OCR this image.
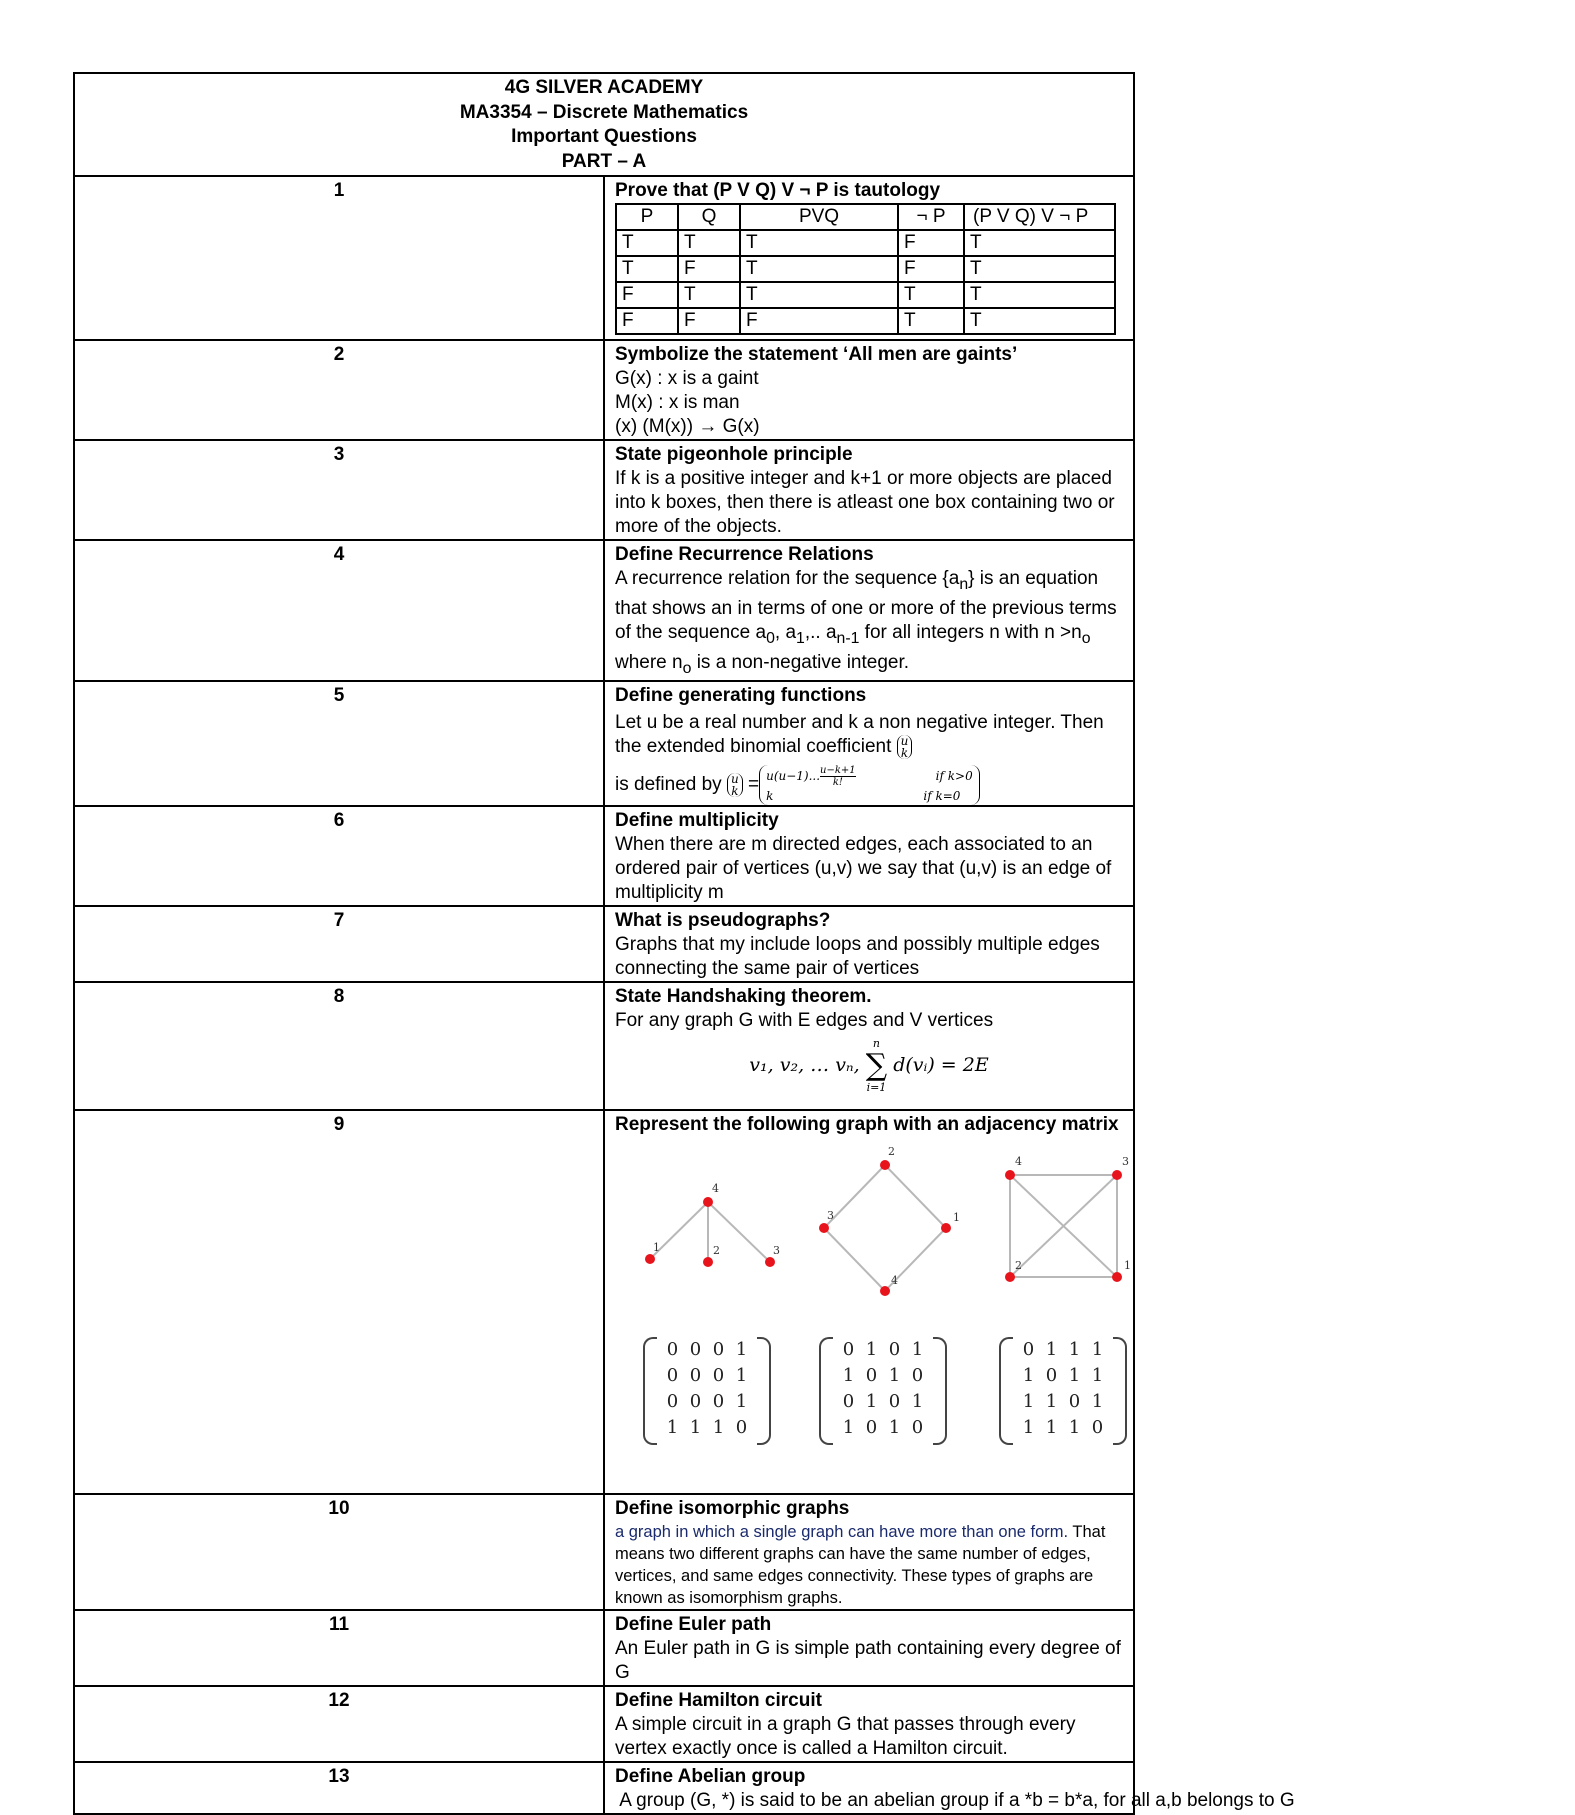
4G SILVER ACADEMY
MA3354 – Discrete Mathematics
Important Questions
PART – A

1	Prove that (P V Q) V ¬ P is tautology
P	Q	PVQ	¬ P	(P V Q) V ¬ P
T	T	T	F	T
T	F	T	F	T
F	T	T	T	T
F	F	F	T	T

2	Symbolize the statement ‘All men are gaints’
G(x) : x is a gaint
M(x) : x is man
(x) (M(x)) → G(x)

3	State pigeonhole principle
If k is a positive integer and k+1 or more objects are placed into k boxes, then there is atleast one box containing two or more of the objects.

4	Define Recurrence Relations
A recurrence relation for the sequence $\{a_n\}$ is an equation that shows an in terms of one or more of the previous terms of the sequence $a_0$, $a_1$,.. $a_{n-1}$ for all integers n with $n >n_o$ where $n_o$ is a non-negative integer.

5	Define generating functions
Let u be a real number and k a non negative integer. Then the extended binomial coefficient u
k
is defined by u
k = u(u−1)... $\frac{u-k+1}{k!}$	if k>0
k	if k=0

6	Define multiplicity
When there are m directed edges, each associated to an ordered pair of vertices (u,v) we say that (u,v) is an edge of multiplicity m

7	What is pseudographs?
Graphs that my include loops and possibly multiple edges connecting the same pair of vertices

8	State Handshaking theorem.
For any graph G with E edges and V vertices
v₁, v₂, … vₙ,
n
∑
i=1
d(vᵢ) = 2E

9	Represent the following graph with an adjacency matrix
4
1	2	3
2
3	1
4
4	3
2	1
0 0 0 1
0 0 0 1
0 0 0 1
1 1 1 0
0 1 0 1
1 0 1 0
0 1 0 1
1 0 1 0
0 1 1 1
1 0 1 1
1 1 0 1
1 1 1 0

10	Define isomorphic graphs
a graph in which a single graph can have more than one form. That means two different graphs can have the same number of edges, vertices, and same edges connectivity. These types of graphs are known as isomorphism graphs.

11	Define Euler path
An Euler path in G is simple path containing every degree of G

12	Define Hamilton circuit
A simple circuit in a graph G that passes through every vertex exactly once is called a Hamilton circuit.

13	Define Abelian group
A group (G, *) is said to be an abelian group if a *b = b*a, for all a,b belongs to G
